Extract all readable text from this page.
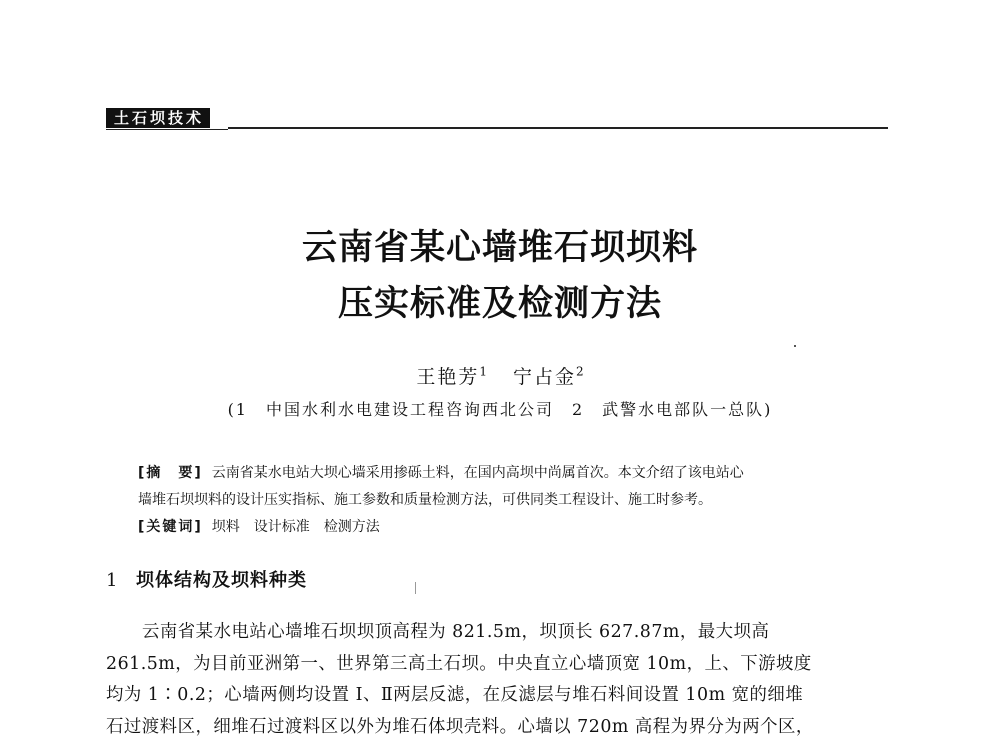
土石坝技术
云南省某心墙堆石坝坝料
压实标准及检测方法
王艳芳$^1$ 宁占金$^2$
(1　中国水利水电建设工程咨询西北公司　2　武警水电部队一总队)
[摘　要] 云南省某水电站大坝心墙采用掺砾土料，在国内高坝中尚属首次。本文介绍了该电站心
墙堆石坝坝料的设计压实指标、施工参数和质量检测方法，可供同类工程设计、施工时参考。
[关键词] 坝料　设计标准　检测方法
1 坝体结构及坝料种类
云南省某水电站心墙堆石坝坝顶高程为 821.5m，坝顶长 627.87m，最大坝高
261.5m，为目前亚洲第一、世界第三高土石坝。中央直立心墙顶宽 10m，上、下游坡度
均为 1∶0.2；心墙两侧均设置 Ⅰ、Ⅱ两层反滤，在反滤层与堆石料间设置 10m 宽的细堆
石过渡料区，细堆石过渡料区以外为堆石体坝壳料。心墙以 720m 高程为界分为两个区，
